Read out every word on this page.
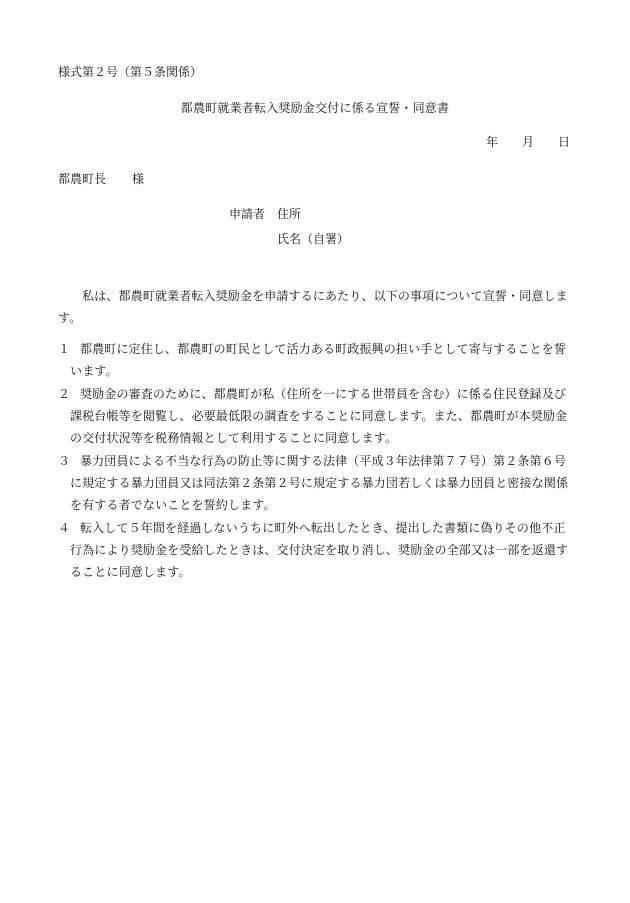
様式第２号（第５条関係）
都農町就業者転入奨励金交付に係る宣誓・同意書
年 月 日
都農町長 様
申請者 住所
氏名（自署）
私は、都農町就業者転入奨励金を申請するにあたり、以下の事項について宣誓・同意します。
１ 都農町に定住し、都農町の町民として活力ある町政振興の担い手として寄与することを誓います。
２ 奨励金の審査のために、都農町が私（住所を一にする世帯員を含む）に係る住民登録及び課税台帳等を閲覧し、必要最低限の調査をすることに同意します。また、都農町が本奨励金の交付状況等を税務情報として利用することに同意します。
３ 暴力団員による不当な行為の防止等に関する法律（平成３年法律第７７号）第２条第６号に規定する暴力団員又は同法第２条第２号に規定する暴力団若しくは暴力団員と密接な関係を有する者でないことを誓約します。
４ 転入して５年間を経過しないうちに町外へ転出したとき、提出した書類に偽りその他不正行為により奨励金を受給したときは、交付決定を取り消し、奨励金の全部又は一部を返還することに同意します。
